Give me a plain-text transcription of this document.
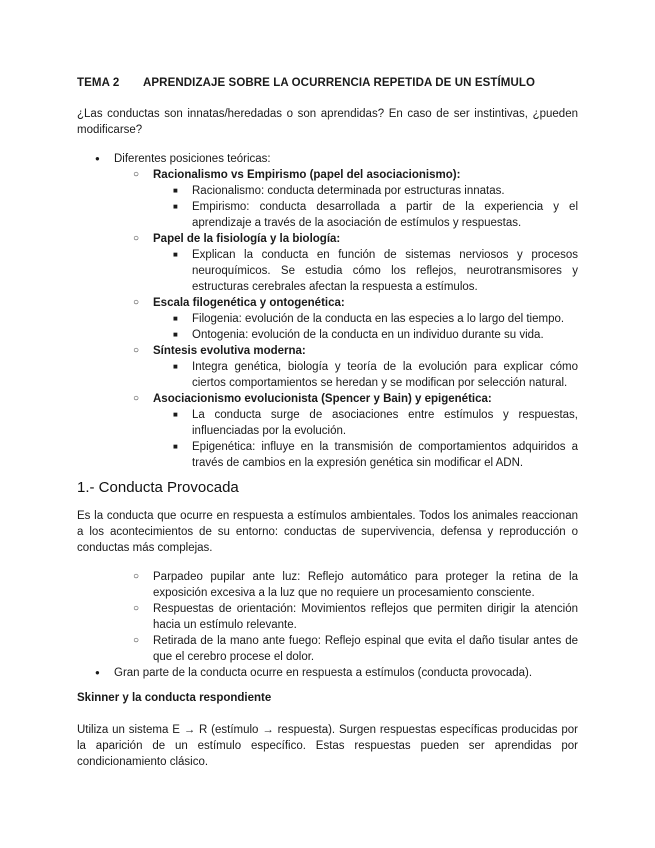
TEMA 2 APRENDIZAJE SOBRE LA OCURRENCIA REPETIDA DE UN ESTÍMULO

¿Las conductas son innatas/heredadas o son aprendidas? En caso de ser instintivas, ¿pueden modificarse?

● Diferentes posiciones teóricas:
○ Racionalismo vs Empirismo (papel del asociacionismo):
■ Racionalismo: conducta determinada por estructuras innatas.
■ Empirismo: conducta desarrollada a partir de la experiencia y el aprendizaje a través de la asociación de estímulos y respuestas.
○ Papel de la fisiología y la biología:
■ Explican la conducta en función de sistemas nerviosos y procesos neuroquímicos. Se estudia cómo los reflejos, neurotransmisores y estructuras cerebrales afectan la respuesta a estímulos.
○ Escala filogenética y ontogenética:
■ Filogenia: evolución de la conducta en las especies a lo largo del tiempo.
■ Ontogenia: evolución de la conducta en un individuo durante su vida.
○ Síntesis evolutiva moderna:
■ Integra genética, biología y teoría de la evolución para explicar cómo ciertos comportamientos se heredan y se modifican por selección natural.
○ Asociacionismo evolucionista (Spencer y Bain) y epigenética:
■ La conducta surge de asociaciones entre estímulos y respuestas, influenciadas por la evolución.
■ Epigenética: influye en la transmisión de comportamientos adquiridos a través de cambios en la expresión genética sin modificar el ADN.
1.- Conducta Provocada

Es la conducta que ocurre en respuesta a estímulos ambientales. Todos los animales reaccionan a los acontecimientos de su entorno: conductas de supervivencia, defensa y reproducción o conductas más complejas.

○ Parpadeo pupilar ante luz: Reflejo automático para proteger la retina de la exposición excesiva a la luz que no requiere un procesamiento consciente.
○ Respuestas de orientación: Movimientos reflejos que permiten dirigir la atención hacia un estímulo relevante.
○ Retirada de la mano ante fuego: Reflejo espinal que evita el daño tisular antes de que el cerebro procese el dolor.
● Gran parte de la conducta ocurre en respuesta a estímulos (conducta provocada).
Skinner y la conducta respondiente

Utiliza un sistema E → R (estímulo → respuesta). Surgen respuestas específicas producidas por la aparición de un estímulo específico. Estas respuestas pueden ser aprendidas por condicionamiento clásico.
